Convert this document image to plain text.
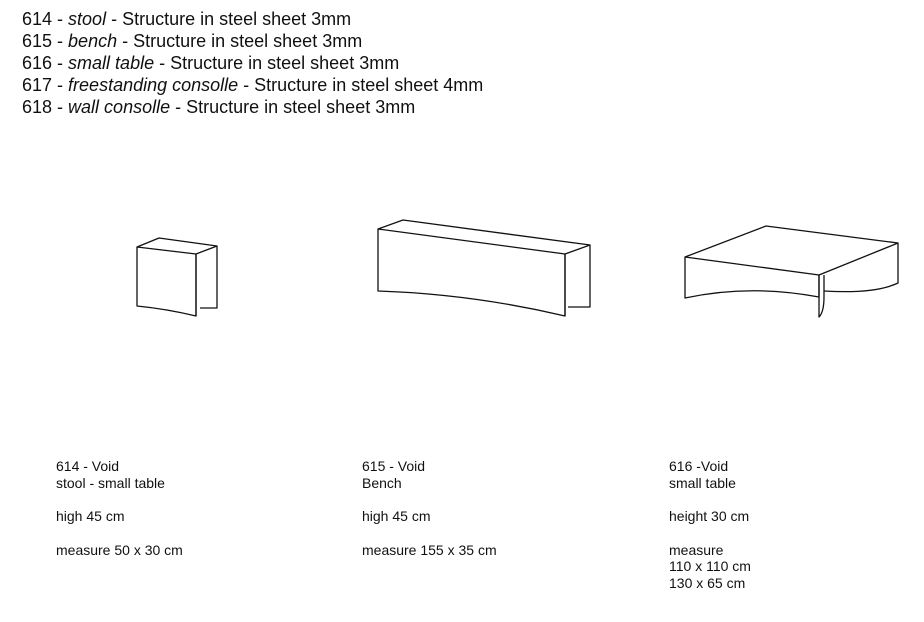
614 - stool - Structure in steel sheet 3mm
615 - bench - Structure in steel sheet 3mm
616 - small table - Structure in steel sheet 3mm
617 - freestanding consolle - Structure in steel sheet 4mm
618 - wall consolle - Structure in steel sheet 3mm
614 - Void
stool - small table
high 45 cm
measure 50 x 30 cm
615 - Void
Bench
high 45 cm
measure 155 x 35 cm
616 -Void
small table
height 30 cm
measure
110 x 110 cm
130 x 65 cm
